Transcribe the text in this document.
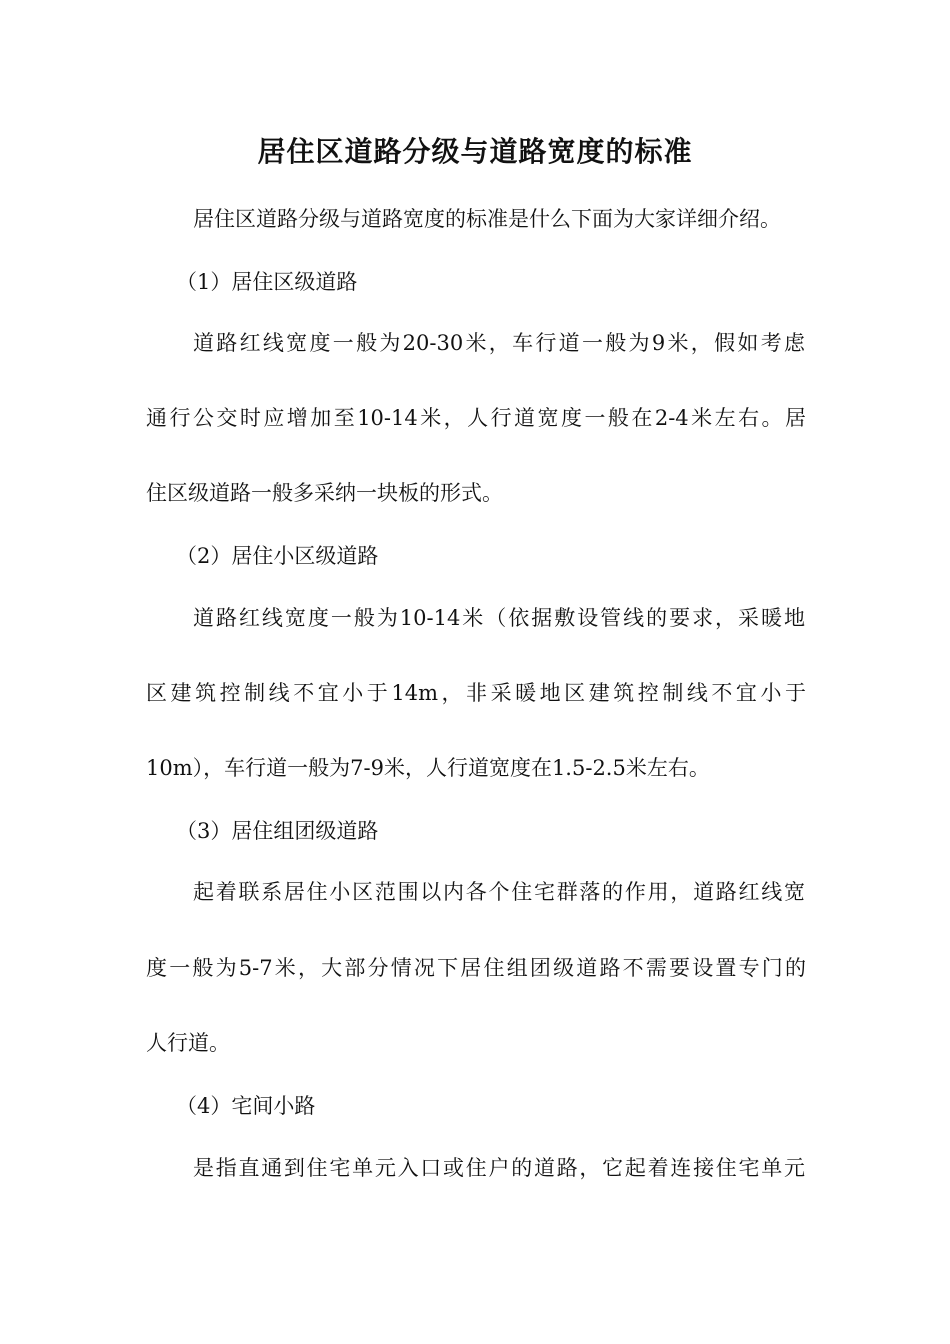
居住区道路分级与道路宽度的标准

居住区道路分级与道路宽度的标准是什么下面为大家详细介绍。

（1）居住区级道路

道路红线宽度一般为20-30米，车行道一般为9米，假如考虑

通行公交时应增加至10-14米，人行道宽度一般在2-4米左右。居

住区级道路一般多采纳一块板的形式。

（2）居住小区级道路

道路红线宽度一般为10-14米（依据敷设管线的要求，采暖地

区建筑控制线不宜小于14m，非采暖地区建筑控制线不宜小于

10m），车行道一般为7-9米，人行道宽度在1.5-2.5米左右。

（3）居住组团级道路

起着联系居住小区范围以内各个住宅群落的作用，道路红线宽

度一般为5-7米，大部分情况下居住组团级道路不需要设置专门的

人行道。

（4）宅间小路

是指直通到住宅单元入口或住户的道路，它起着连接住宅单元
